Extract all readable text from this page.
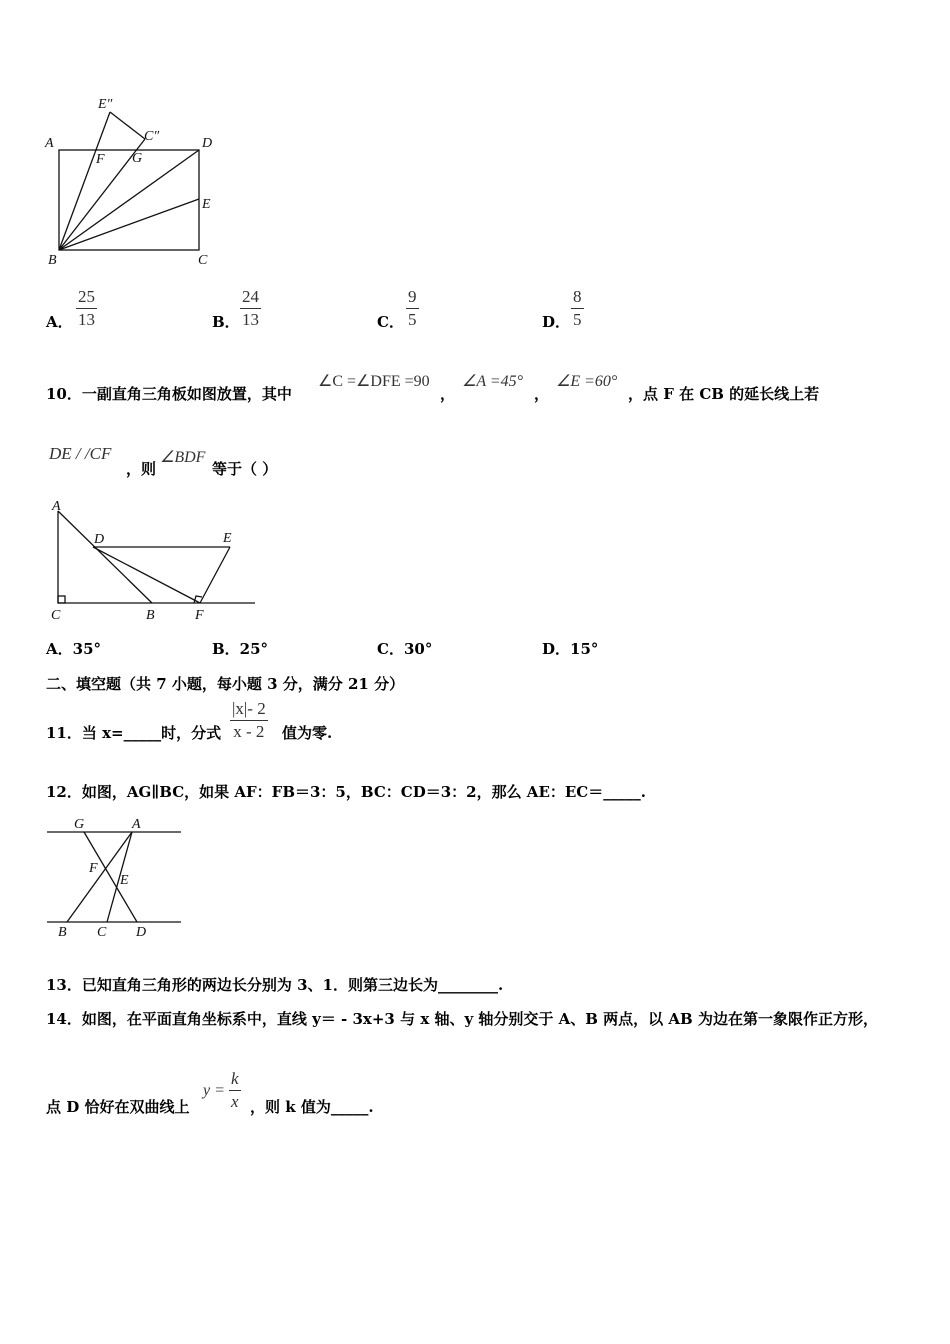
E″
C″
A	D
F G
E
B	C
A． $\frac{25}{13}$	B． $\frac{24}{13}$	C． $\frac{9}{5}$	D． $\frac{8}{5}$
10．一副直角三角板如图放置，其中
∠C =∠DFE =90
，
∠A =45°
，
∠E =60°
，点 F 在 CB 的延长线上若
DE / /CF
，则
∠BDF
等于（ ）
A
D	E
C	B	F
A．35°	B．25°	C．30°	D．15°
二、填空题（共 7 小题，每小题 3 分，满分 21 分）
11．当 x=_____时，分式 $\frac{|x|- 2}{x - 2}$ 值为零.
12．如图，AG∥BC，如果 AF：FB＝3：5，BC：CD＝3：2，那么 AE：EC＝_____.
G	A
F
E
B C D
13．已知直角三角形的两边长分别为 3、1．则第三边长为________.
14．如图，在平面直角坐标系中，直线 y＝ - 3x+3 与 x 轴、y 轴分别交于 A、B 两点，以 AB 为边在第一象限作正方形，
点 D 恰好在双曲线上
$y = \frac{k}{x}$ ，则 k 值为_____.
